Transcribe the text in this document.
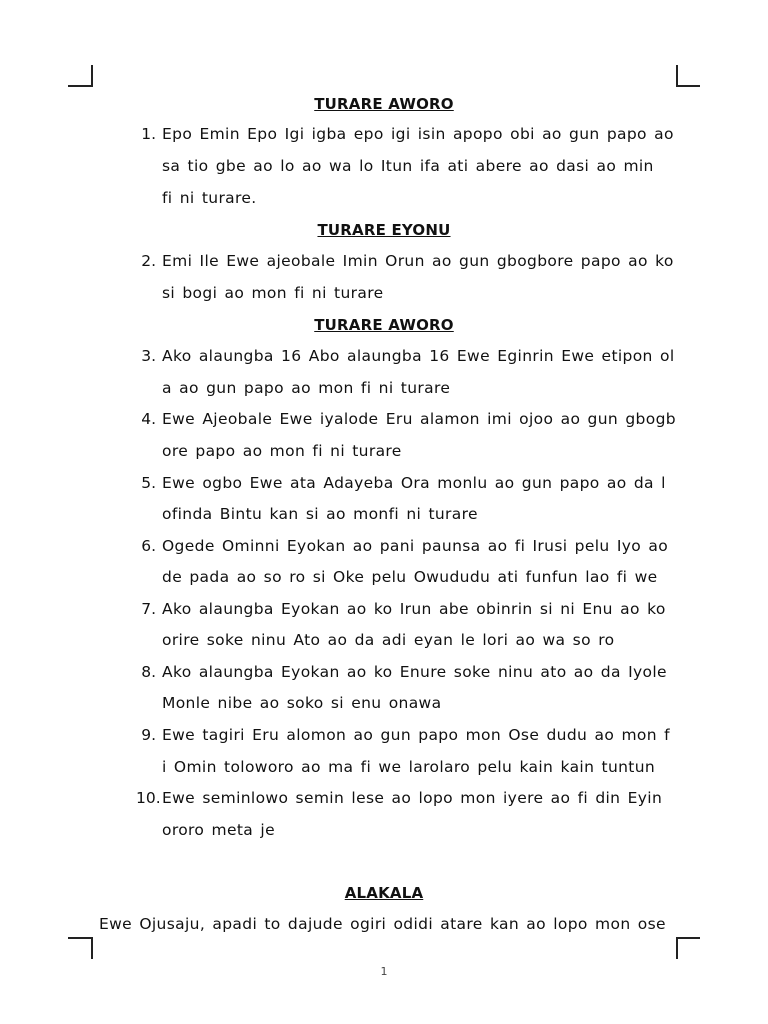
TURARE AWORO
1. Epo Emin Epo Igi igba epo igi isin apopo obi ao gun papo ao
sa tio gbe ao lo ao wa lo Itun ifa ati abere ao dasi ao min
fi ni turare.
TURARE EYONU
2. Emi Ile Ewe ajeobale Imin Orun ao gun gbogbore papo ao ko
si bogi ao mon fi ni turare
TURARE AWORO
3. Ako alaungba 16 Abo alaungba 16 Ewe Eginrin Ewe etipon ol
a ao gun papo ao mon fi ni turare
4. Ewe Ajeobale Ewe iyalode Eru alamon imi ojoo ao gun gbogb
ore papo ao mon fi ni turare
5. Ewe ogbo Ewe ata Adayeba Ora monlu ao gun papo ao da l
ofinda Bintu kan si ao monfi ni turare
6. Ogede Ominni Eyokan ao pani paunsa ao fi Irusi pelu Iyo ao
de pada ao so ro si Oke pelu Owududu ati funfun lao fi we
7. Ako alaungba Eyokan ao ko Irun abe obinrin si ni Enu ao ko
orire soke ninu Ato ao da adi eyan le lori ao wa so ro
8. Ako alaungba Eyokan ao ko Enure soke ninu ato ao da Iyole
Monle nibe ao soko si enu onawa
9. Ewe tagiri Eru alomon ao gun papo mon Ose dudu ao mon f
i Omin toloworo ao ma fi we larolaro pelu kain kain tuntun
10. Ewe seminlowo semin lese ao lopo mon iyere ao fi din Eyin
ororo meta je
ALAKALA
Ewe Ojusaju, apadi to dajude ogiri odidi atare kan ao lopo mon ose
1
